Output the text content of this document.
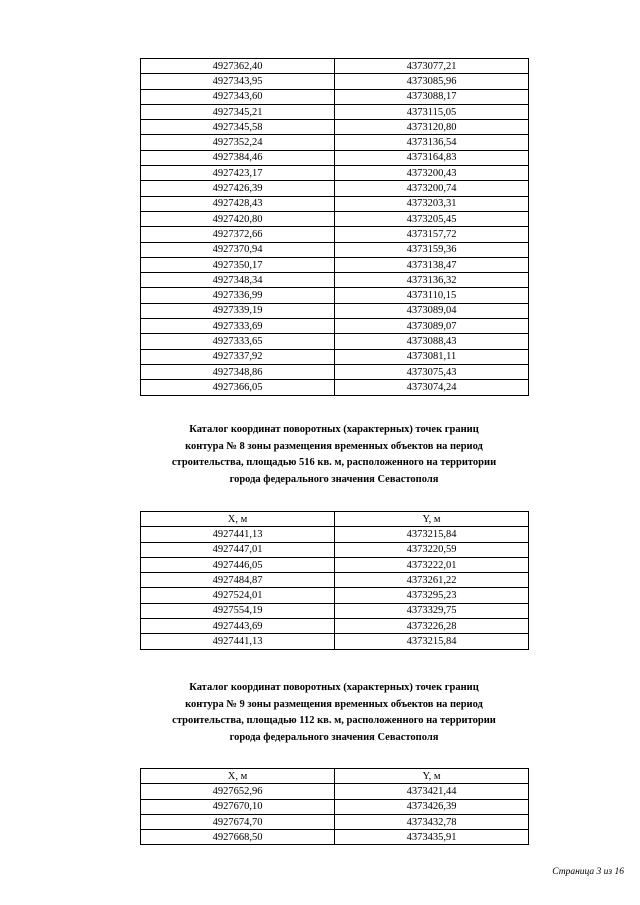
4927362,40	4373077,21
4927343,95	4373085,96
4927343,60	4373088,17
4927345,21	4373115,05
4927345,58	4373120,80
4927352,24	4373136,54
4927384,46	4373164,83
4927423,17	4373200,43
4927426,39	4373200,74
4927428,43	4373203,31
4927420,80	4373205,45
4927372,66	4373157,72
4927370,94	4373159,36
4927350,17	4373138,47
4927348,34	4373136,32
4927336,99	4373110,15
4927339,19	4373089,04
4927333,69	4373089,07
4927333,65	4373088,43
4927337,92	4373081,11
4927348,86	4373075,43
4927366,05	4373074,24
Каталог координат поворотных (характерных) точек границ
контура № 8 зоны размещения временных объектов на период
строительства, площадью 516 кв. м, расположенного на территории
города федерального значения Севастополя
X, м	Y, м
4927441,13	4373215,84
4927447,01	4373220,59
4927446,05	4373222,01
4927484,87	4373261,22
4927524,01	4373295,23
4927554,19	4373329,75
4927443,69	4373226,28
4927441,13	4373215,84
Каталог координат поворотных (характерных) точек границ
контура № 9 зоны размещения временных объектов на период
строительства, площадью 112 кв. м, расположенного на территории
города федерального значения Севастополя
X, м	Y, м
4927652,96	4373421,44
4927670,10	4373426,39
4927674,70	4373432,78
4927668,50	4373435,91
Страница 3 из 16
